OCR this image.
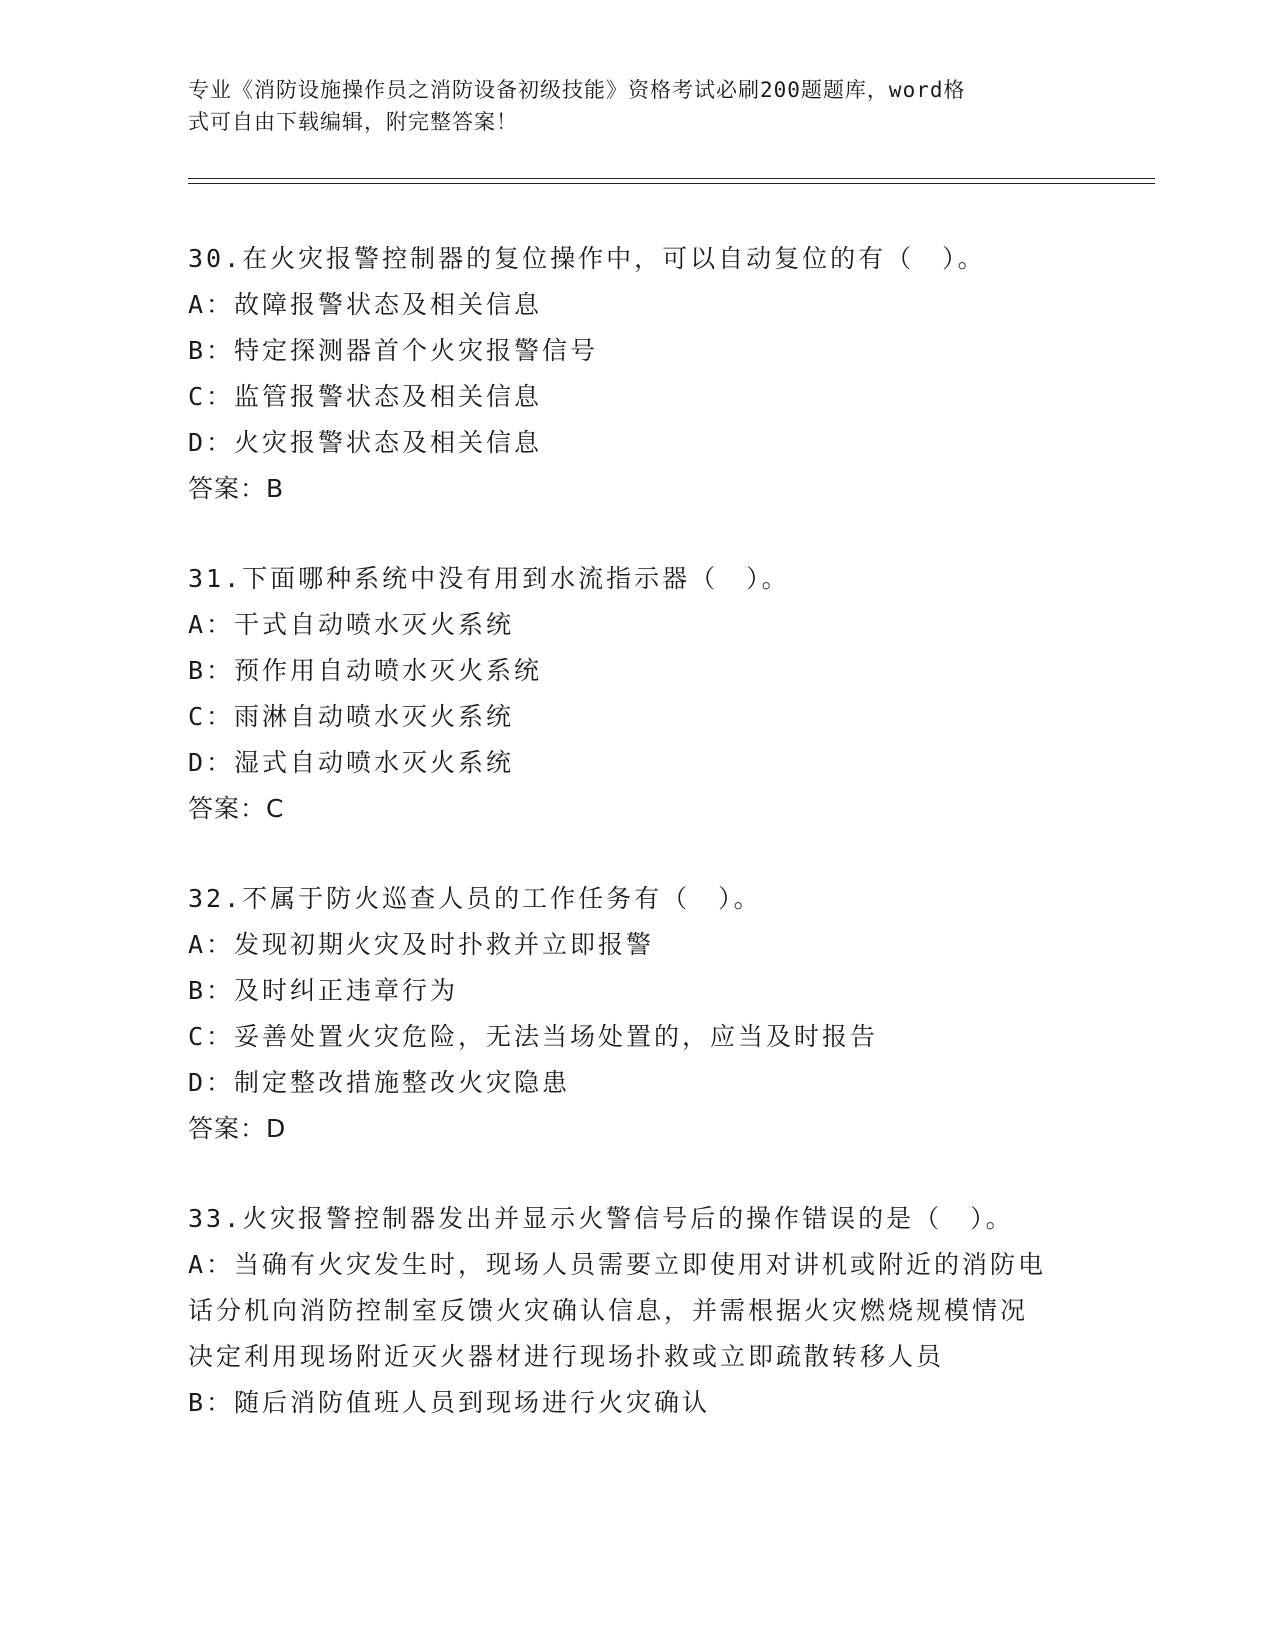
专业《消防设施操作员之消防设备初级技能》资格考试必刷200题题库，word格
式可自由下载编辑，附完整答案！
30.在火灾报警控制器的复位操作中，可以自动复位的有（　）。
A：故障报警状态及相关信息
B：特定探测器首个火灾报警信号
C：监管报警状态及相关信息
D：火灾报警状态及相关信息
答案：B
31.下面哪种系统中没有用到水流指示器（　）。
A：干式自动喷水灭火系统
B：预作用自动喷水灭火系统
C：雨淋自动喷水灭火系统
D：湿式自动喷水灭火系统
答案：C
32.不属于防火巡查人员的工作任务有（　）。
A：发现初期火灾及时扑救并立即报警
B：及时纠正违章行为
C：妥善处置火灾危险，无法当场处置的，应当及时报告
D：制定整改措施整改火灾隐患
答案：D
33.火灾报警控制器发出并显示火警信号后的操作错误的是（　）。
A：当确有火灾发生时，现场人员需要立即使用对讲机或附近的消防电
话分机向消防控制室反馈火灾确认信息，并需根据火灾燃烧规模情况
决定利用现场附近灭火器材进行现场扑救或立即疏散转移人员
B：随后消防值班人员到现场进行火灾确认
